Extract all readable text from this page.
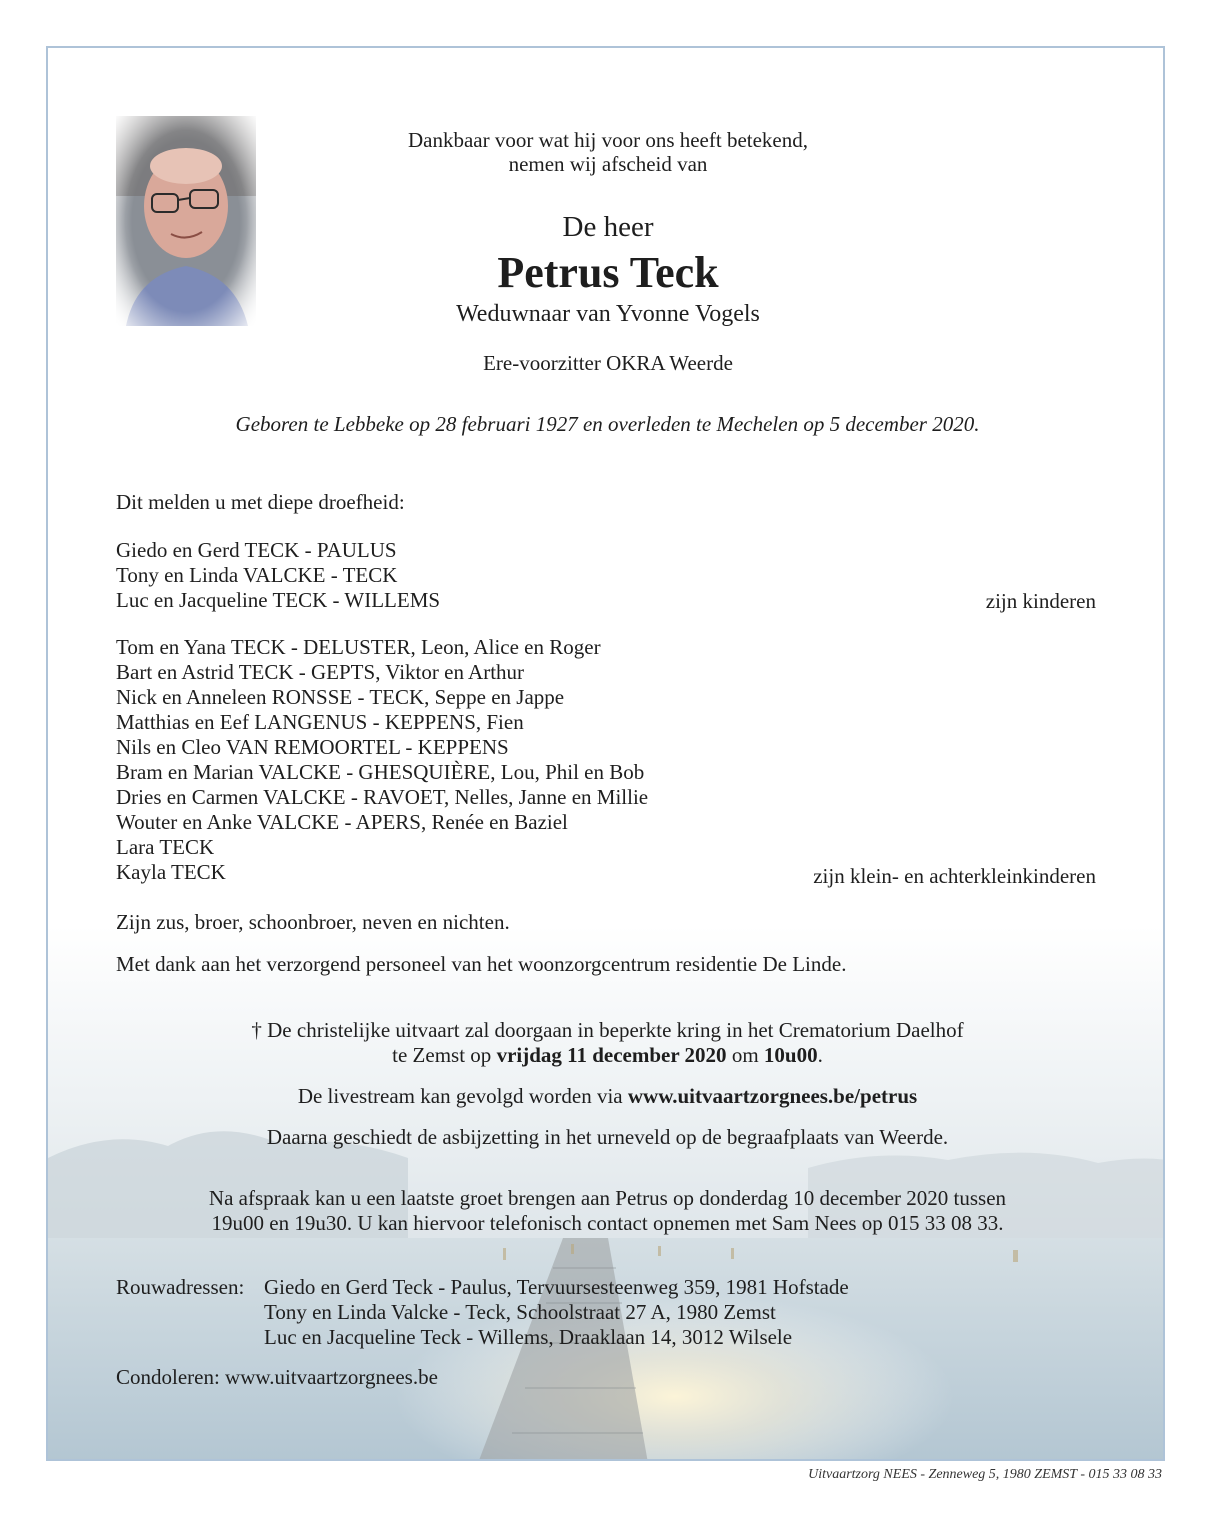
Dankbaar voor wat hij voor ons heeft betekend,
nemen wij afscheid van
De heer
Petrus Teck
Weduwnaar van Yvonne Vogels
Ere-voorzitter OKRA Weerde
Geboren te Lebbeke op 28 februari 1927 en overleden te Mechelen op 5 december 2020.
Dit melden u met diepe droefheid:
Giedo en Gerd TECK - PAULUS
Tony en Linda VALCKE - TECK
Luc en Jacqueline TECK - WILLEMS	zijn kinderen
Tom en Yana TECK - DELUSTER, Leon, Alice en Roger
Bart en Astrid TECK - GEPTS, Viktor en Arthur
Nick en Anneleen RONSSE - TECK, Seppe en Jappe
Matthias en Eef LANGENUS - KEPPENS, Fien
Nils en Cleo VAN REMOORTEL - KEPPENS
Bram en Marian VALCKE - GHESQUIÈRE, Lou, Phil en Bob
Dries en Carmen VALCKE - RAVOET, Nelles, Janne en Millie
Wouter en Anke VALCKE - APERS, Renée en Baziel
Lara TECK
Kayla TECK	zijn klein- en achterkleinkinderen
Zijn zus, broer, schoonbroer, neven en nichten.
Met dank aan het verzorgend personeel van het woonzorgcentrum residentie De Linde.
† De christelijke uitvaart zal doorgaan in beperkte kring in het Crematorium Daelhof
te Zemst op vrijdag 11 december 2020 om 10u00.
De livestream kan gevolgd worden via www.uitvaartzorgnees.be/petrus
Daarna geschiedt de asbijzetting in het urneveld op de begraafplaats van Weerde.
Na afspraak kan u een laatste groet brengen aan Petrus op donderdag 10 december 2020 tussen
19u00 en 19u30. U kan hiervoor telefonisch contact opnemen met Sam Nees op 015 33 08 33.
Rouwadressen: Giedo en Gerd Teck - Paulus, Tervuursesteenweg 359, 1981 Hofstade
Tony en Linda Valcke - Teck, Schoolstraat 27 A, 1980 Zemst
Luc en Jacqueline Teck - Willems, Draaklaan 14, 3012 Wilsele
Condoleren: www.uitvaartzorgnees.be
Uitvaartzorg NEES - Zenneweg 5, 1980 ZEMST - 015 33 08 33
